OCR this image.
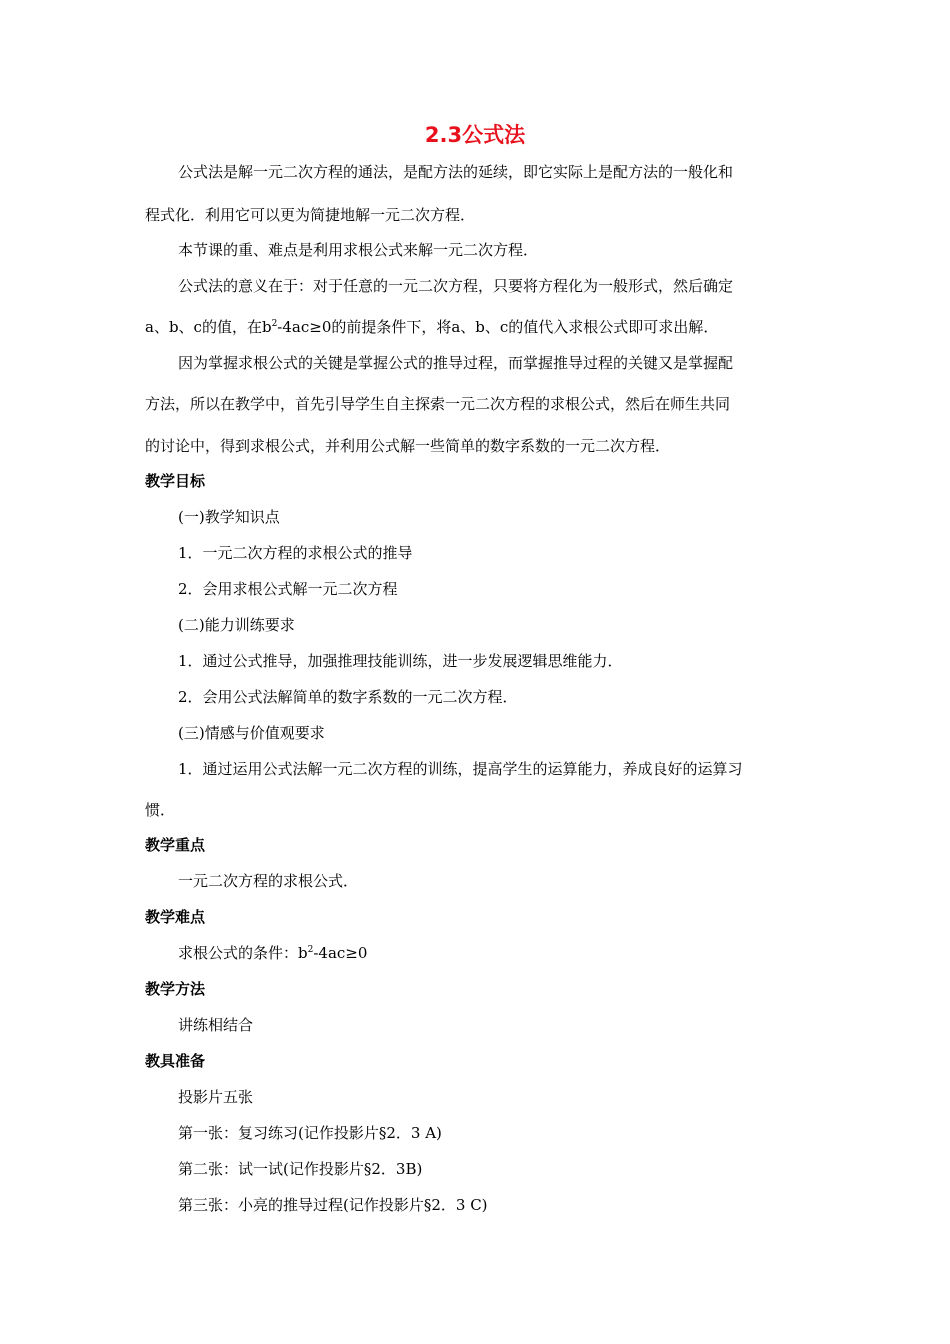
2.3公式法
公式法是解一元二次方程的通法，是配方法的延续，即它实际上是配方法的一般化和
程式化．利用它可以更为简捷地解一元二次方程．
本节课的重、难点是利用求根公式来解一元二次方程．
公式法的意义在于：对于任意的一元二次方程，只要将方程化为一般形式，然后确定
a、b、c的值，在$b^2-4ac\ge 0$的前提条件下，将a、b、c的值代入求根公式即可求出解．
因为掌握求根公式的关键是掌握公式的推导过程，而掌握推导过程的关键又是掌握配
方法，所以在教学中，首先引导学生自主探索一元二次方程的求根公式，然后在师生共同
的讨论中，得到求根公式，并利用公式解一些简单的数字系数的一元二次方程．
教学目标
(一)教学知识点
1．一元二次方程的求根公式的推导
2．会用求根公式解一元二次方程
(二)能力训练要求
1．通过公式推导，加强推理技能训练，进一步发展逻辑思维能力．
2．会用公式法解简单的数字系数的一元二次方程．
(三)情感与价值观要求
1．通过运用公式法解一元二次方程的训练，提高学生的运算能力，养成良好的运算习
惯．
教学重点
一元二次方程的求根公式．
教学难点
求根公式的条件：$b^2-4ac\ge 0$
教学方法
讲练相结合
教具准备
投影片五张
第一张：复习练习(记作投影片§2．3 A)
第二张：试一试(记作投影片§2．3B)
第三张：小亮的推导过程(记作投影片§2．3 C)
